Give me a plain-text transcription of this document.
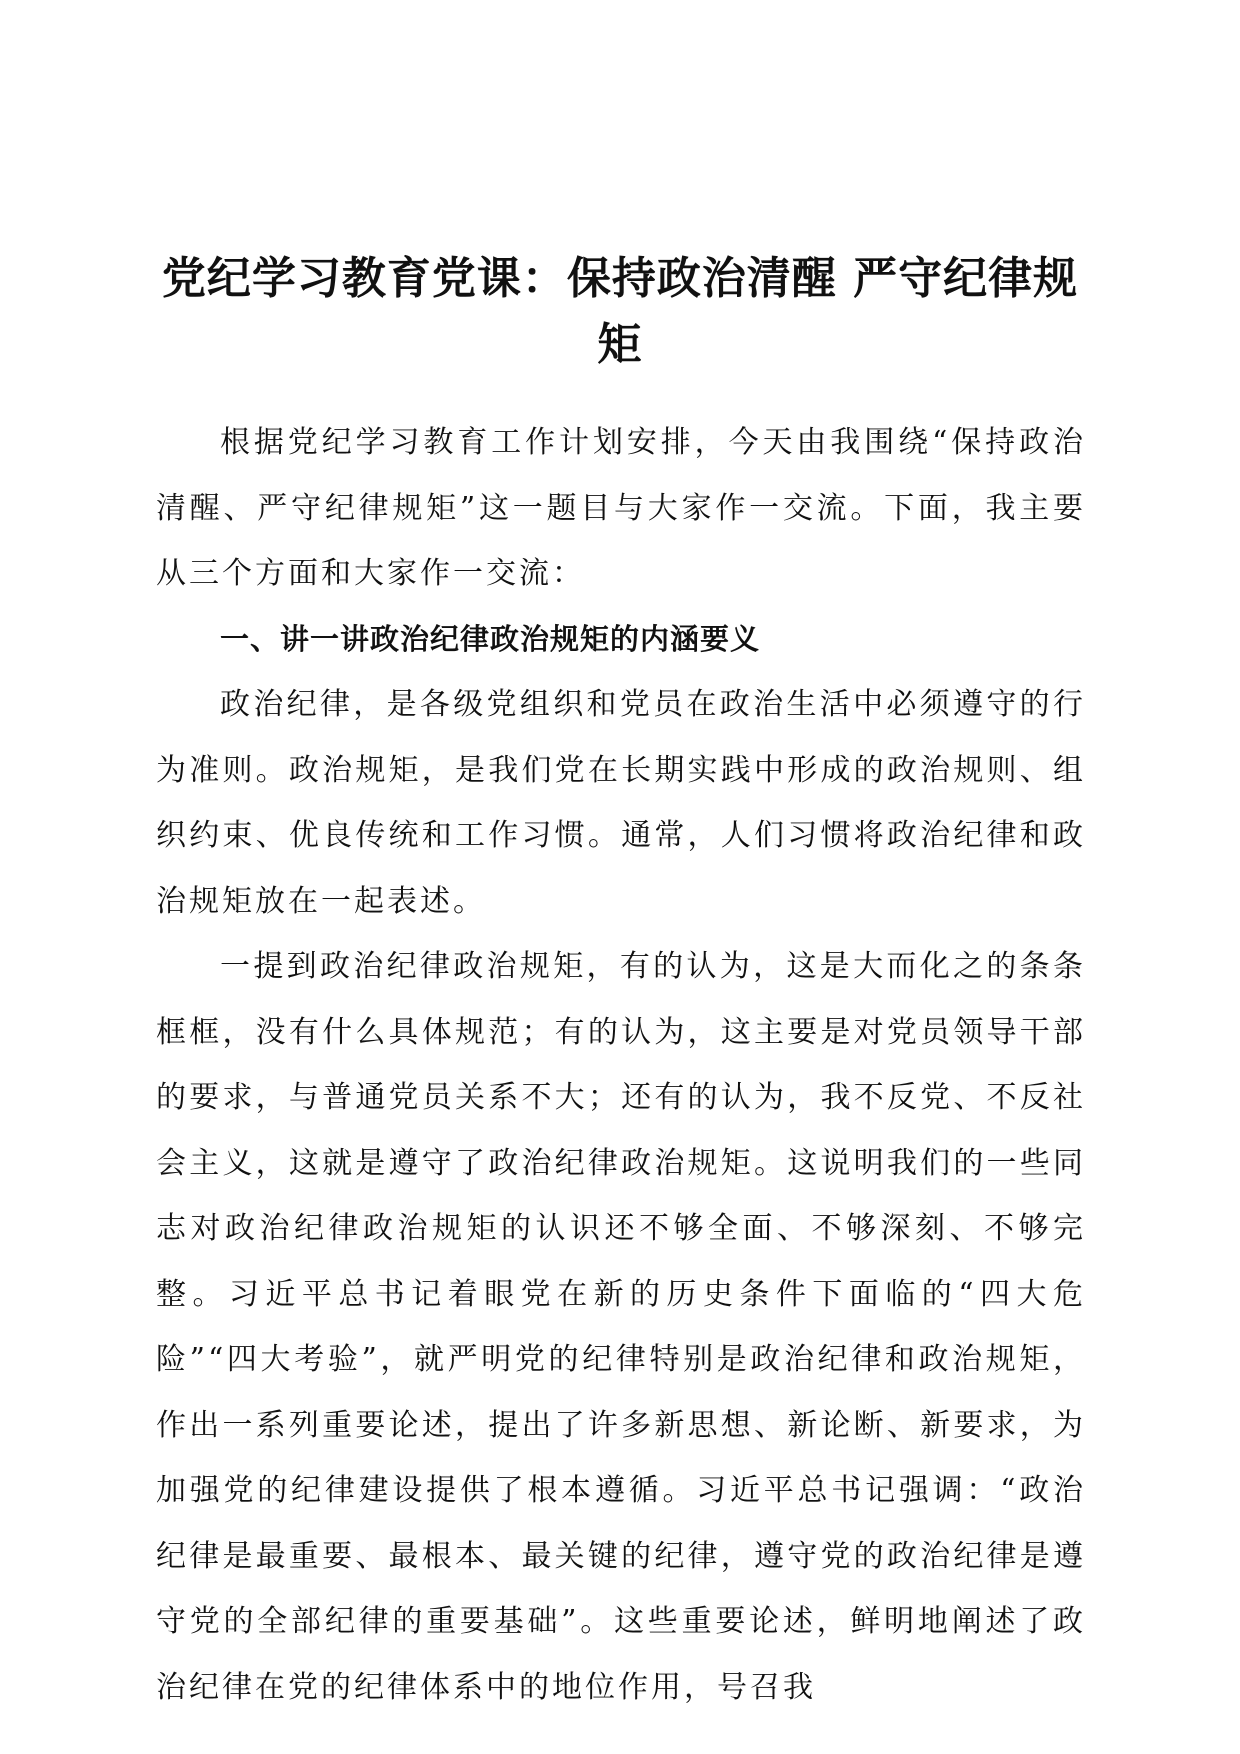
党纪学习教育党课：保持政治清醒 严守纪律规矩

根据党纪学习教育工作计划安排，今天由我围绕“保持政治清醒、严守纪律规矩”这一题目与大家作一交流。下面，我主要从三个方面和大家作一交流：

一、讲一讲政治纪律政治规矩的内涵要义

政治纪律，是各级党组织和党员在政治生活中必须遵守的行为准则。政治规矩，是我们党在长期实践中形成的政治规则、组织约束、优良传统和工作习惯。通常，人们习惯将政治纪律和政治规矩放在一起表述。

一提到政治纪律政治规矩，有的认为，这是大而化之的条条框框，没有什么具体规范；有的认为，这主要是对党员领导干部的要求，与普通党员关系不大；还有的认为，我不反党、不反社会主义，这就是遵守了政治纪律政治规矩。这说明我们的一些同志对政治纪律政治规矩的认识还不够全面、不够深刻、不够完整。习近平总书记着眼党在新的历史条件下面临的“四大危险”“四大考验”，就严明党的纪律特别是政治纪律和政治规矩，作出一系列重要论述，提出了许多新思想、新论断、新要求，为加强党的纪律建设提供了根本遵循。习近平总书记强调：“政治纪律是最重要、最根本、最关键的纪律，遵守党的政治纪律是遵守党的全部纪律的重要基础”。这些重要论述，鲜明地阐述了政治纪律在党的纪律体系中的地位作用，号召我
